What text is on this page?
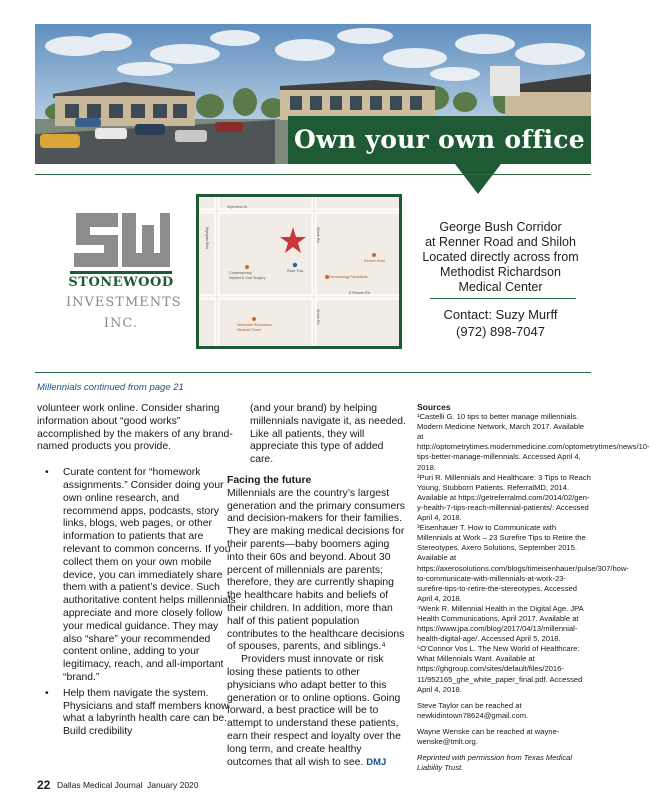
Own your own office
STONEWOOD
INVESTMENTS
INC.
Wyrnview Dr
Wyngate Blvd	Shiloh Rd
Shiloh Rd
E Renner Rd
Race Trac
Contemporary
Implant & Oral Surgery	Dermatology Specialists
Renner Hotel
Methodist Richardson
Medical Center
George Bush Corridor
at Renner Road and Shiloh
Located directly across from
Methodist Richardson
Medical Center
Contact: Suzy Murff
(972) 898-7047
Millennials continued from page 21

volunteer work online. Consider sharing information about “good works” accomplished by the makers of any brand-named products you provide.

• Curate content for “homework assignments.” Consider doing your own online research, and recommend apps, podcasts, story links, blogs, web pages, or other information to patients that are relevant to common concerns. If you collect them on your own mobile device, you can immediately share them with a patient’s device. Such authoritative content helps millennials appreciate and more closely follow your medical guidance. They may also “share” your recommended content online, adding to your legitimacy, reach, and all-important “brand.”

• Help them navigate the system. Physicians and staff members know what a labyrinth health care can be. Build credibility

(and your brand) by helping millennials navigate it, as needed. Like all patients, they will appreciate this type of added care.

Facing the future

Millennials are the country’s largest generation and the primary consumers and decision-makers for their families. They are making medical decisions for their parents—baby boomers aging into their 60s and beyond. About 30 percent of millennials are parents; therefore, they are currently shaping the healthcare habits and beliefs of their children. In addition, more than half of this patient population contributes to the healthcare decisions of spouses, parents, and siblings.⁴

Providers must innovate or risk losing these patients to other physicians who adapt better to this generation or to online options. Going forward, a best practice will be to attempt to understand these patients, earn their respect and loyalty over the long term, and create healthy outcomes that all wish to see. DMJ

Sources

¹Castelli G. 10 tips to better manage millennials. Modern Medicine Network, March 2017. Available at http://optometrytimes.modernmedicine.com/optometrytimes/news/10-tips-better-manage-millennials. Accessed April 4, 2018.

²Puri R. Millennials and Healthcare: 3 Tips to Reach Young, Stubborn Patients. ReferralMD, 2014. Available at https://getreferralmd.com/2014/02/gen-y-health-7-tips-reach-millennial-patients/. Accessed April 4, 2018.

³Eisenhauer T. How to Communicate with Millennials at Work – 23 Surefire Tips to Retire the Stereotypes. Axero Solutions, September 2015. Available at https://axerosolutions.com/blogs/timeisenhauer/pulse/307/how-to-communicate-with-millennials-at-work-23-surefire-tips-to-retire-the-stereotypes. Accessed April 4, 2018.

⁴Wenk R. Millennial Health in the Digital Age. JPA Health Communications, April 2017. Available at https://www.jpa.com/blog/2017/04/13/millennial-health-digital-age/. Accessed April 5, 2018.

⁵O’Connor Vos L. The New World of Healthcare: What Millennials Want. Available at https://ghgroup.com/sites/default/files/2016-11/952165_ghe_white_paper_final.pdf. Accessed April 4, 2018.

Steve Taylor can be reached at newkidintown78624@gmail.com.

Wayne Wenske can be reached at wayne-wenske@tmlt.org.

Reprinted with permission from Texas Medical Liability Trust.

22 Dallas Medical Journal January 2020
